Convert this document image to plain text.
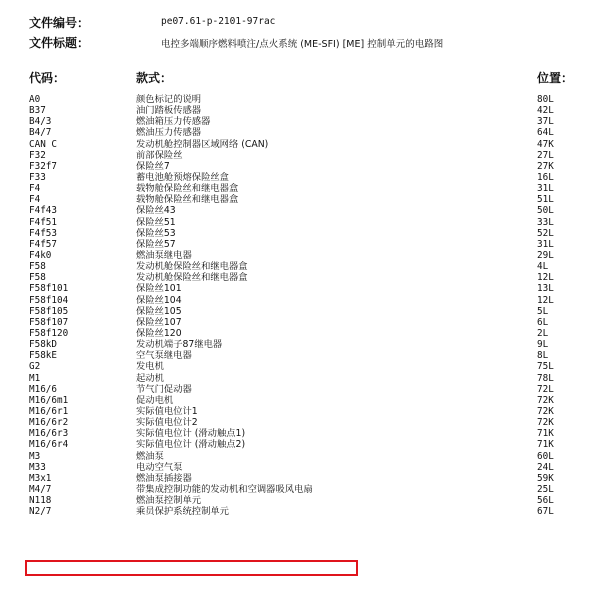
文件编号：	pe07.61-p-2101-97rac
文件标题：	电控多端顺序燃料喷注/点火系统 (ME-SFI) [ME] 控制单元的电路图
代码：	款式：	位置：
A0	颜色标记的说明	80L
B37	油门踏板传感器	42L
B4/3	燃油箱压力传感器	37L
B4/7	燃油压力传感器	64L
CAN C	发动机舱控制器区域网络 (CAN)	47K
F32	前部保险丝	27L
F32f7	保险丝7	27K
F33	蓄电池舱预熔保险丝盒	16L
F4	载物舱保险丝和继电器盒	31L
F4	载物舱保险丝和继电器盒	51L
F4f43	保险丝43	50L
F4f51	保险丝51	33L
F4f53	保险丝53	52L
F4f57	保险丝57	31L
F4k0	燃油泵继电器	29L
F58	发动机舱保险丝和继电器盒	4L
F58	发动机舱保险丝和继电器盒	12L
F58f101	保险丝101	13L
F58f104	保险丝104	12L
F58f105	保险丝105	5L
F58f107	保险丝107	6L
F58f120	保险丝120	2L
F58kD	发动机端子87继电器	9L
F58kE	空气泵继电器	8L
G2	发电机	75L
M1	起动机	78L
M16/6	节气门促动器	72L
M16/6m1	促动电机	72K
M16/6r1	实际值电位计1	72K
M16/6r2	实际值电位计2	72K
M16/6r3	实际值电位计 (滑动触点1)	71K
M16/6r4	实际值电位计 (滑动触点2)	71K
M3	燃油泵	60L
M33	电动空气泵	24L
M3x1	燃油泵插接器	59K
M4/7	带集成控制功能的发动机和空调器吸风电扇	25L
N118	燃油泵控制单元	56L
N2/7	乘员保护系统控制单元	67L
